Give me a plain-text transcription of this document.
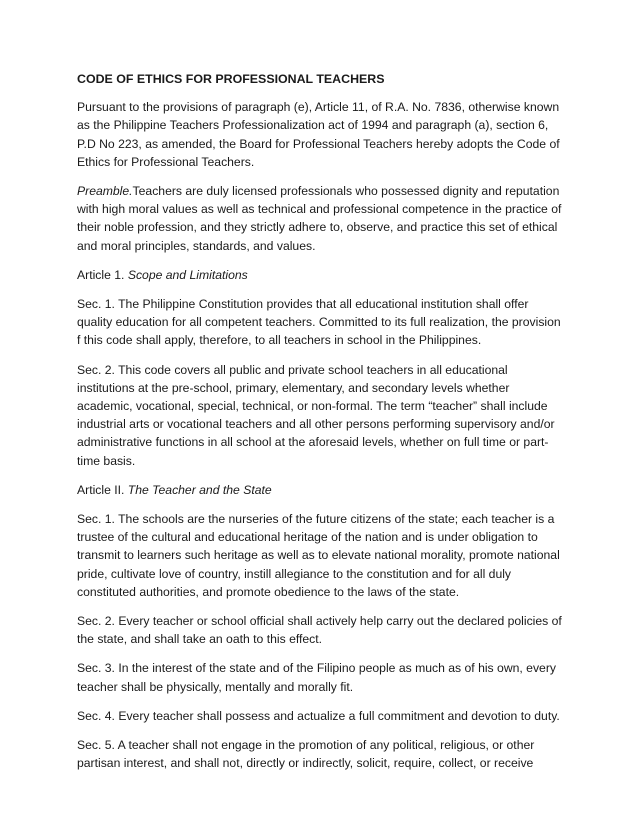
CODE OF ETHICS FOR PROFESSIONAL TEACHERS

Pursuant to the provisions of paragraph (e), Article 11, of R.A. No. 7836, otherwise known as the Philippine Teachers Professionalization act of 1994 and paragraph (a), section 6, P.D No 223, as amended, the Board for Professional Teachers hereby adopts the Code of Ethics for Professional Teachers.

Preamble.Teachers are duly licensed professionals who possessed dignity and reputation with high moral values as well as technical and professional competence in the practice of their noble profession, and they strictly adhere to, observe, and practice this set of ethical and moral principles, standards, and values.

Article 1. Scope and Limitations

Sec. 1. The Philippine Constitution provides that all educational institution shall offer quality education for all competent teachers. Committed to its full realization, the provision f this code shall apply, therefore, to all teachers in school in the Philippines.

Sec. 2. This code covers all public and private school teachers in all educational institutions at the pre-school, primary, elementary, and secondary levels whether academic, vocational, special, technical, or non-formal. The term “teacher” shall include industrial arts or vocational teachers and all other persons performing supervisory and/or administrative functions in all school at the aforesaid levels, whether on full time or part-time basis.

Article II. The Teacher and the State

Sec. 1. The schools are the nurseries of the future citizens of the state; each teacher is a trustee of the cultural and educational heritage of the nation and is under obligation to transmit to learners such heritage as well as to elevate national morality, promote national pride, cultivate love of country, instill allegiance to the constitution and for all duly constituted authorities, and promote obedience to the laws of the state.

Sec. 2. Every teacher or school official shall actively help carry out the declared policies of the state, and shall take an oath to this effect.

Sec. 3. In the interest of the state and of the Filipino people as much as of his own, every teacher shall be physically, mentally and morally fit.

Sec. 4. Every teacher shall possess and actualize a full commitment and devotion to duty.

Sec. 5. A teacher shall not engage in the promotion of any political, religious, or other partisan interest, and shall not, directly or indirectly, solicit, require, collect, or receive
